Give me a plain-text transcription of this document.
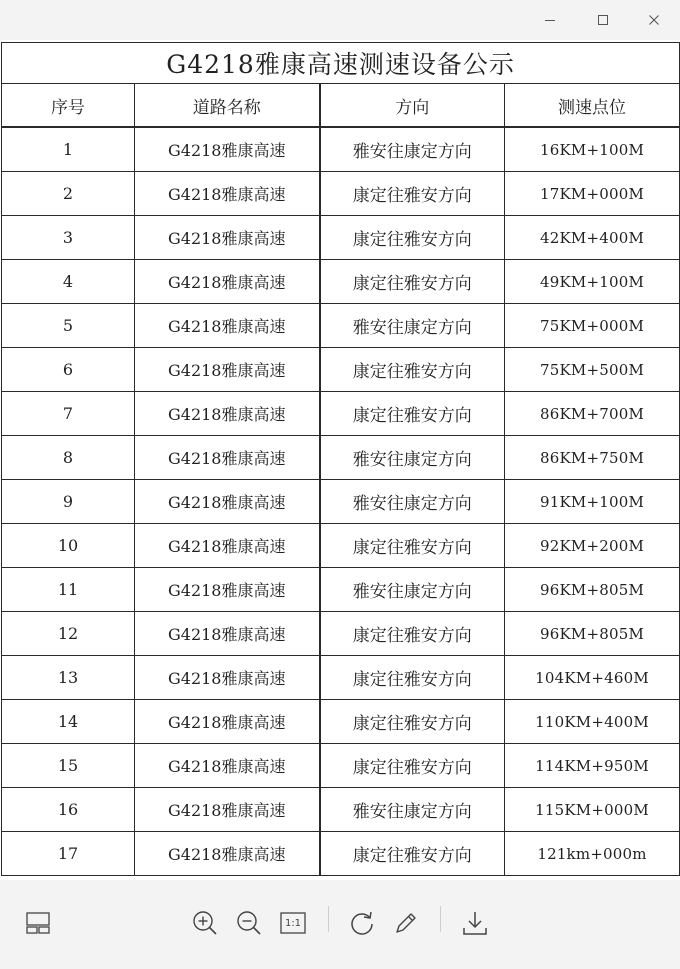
G4218雅康高速测速设备公示			
序号	道路名称	方向	测速点位
1	G4218雅康高速	雅安往康定方向	16KM+100M
2	G4218雅康高速	康定往雅安方向	17KM+000M
3	G4218雅康高速	康定往雅安方向	42KM+400M
4	G4218雅康高速	康定往雅安方向	49KM+100M
5	G4218雅康高速	雅安往康定方向	75KM+000M
6	G4218雅康高速	康定往雅安方向	75KM+500M
7	G4218雅康高速	康定往雅安方向	86KM+700M
8	G4218雅康高速	雅安往康定方向	86KM+750M
9	G4218雅康高速	雅安往康定方向	91KM+100M
10	G4218雅康高速	康定往雅安方向	92KM+200M
11	G4218雅康高速	雅安往康定方向	96KM+805M
12	G4218雅康高速	康定往雅安方向	96KM+805M
13	G4218雅康高速	康定往雅安方向	104KM+460M
14	G4218雅康高速	康定往雅安方向	110KM+400M
15	G4218雅康高速	康定往雅安方向	114KM+950M
16	G4218雅康高速	雅安往康定方向	115KM+000M
17	G4218雅康高速	康定往雅安方向	121km+000m
1:1
